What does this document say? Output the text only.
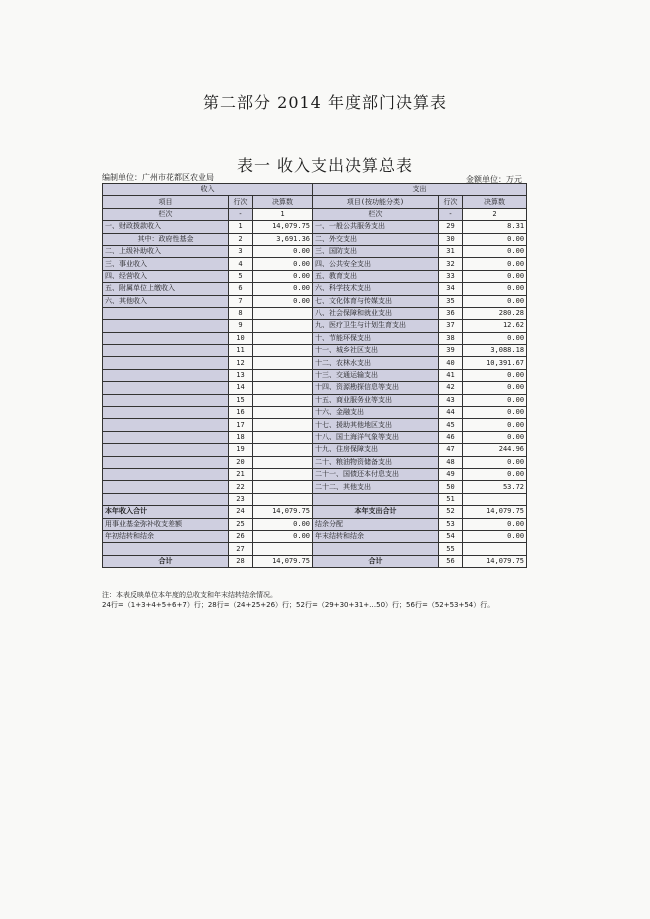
第二部分 2014 年度部门决算表
表一 收入支出决算总表
编制单位：广州市花都区农业局	金额单位：万元
收入			支出		
项目	行次	决算数	项目(按功能分类)	行次	决算数
栏次	-	1	栏次	-	2
一、财政拨款收入	1	14,079.75	一、一般公共服务支出	29	8.31
其中：政府性基金	2	3,691.36	二、外交支出	30	0.00
二、上级补助收入	3	0.00	三、国防支出	31	0.00
三、事业收入	4	0.00	四、公共安全支出	32	0.00
四、经营收入	5	0.00	五、教育支出	33	0.00
五、附属单位上缴收入	6	0.00	六、科学技术支出	34	0.00
六、其他收入	7	0.00	七、文化体育与传媒支出	35	0.00
	8		八、社会保障和就业支出	36	280.28
	9		九、医疗卫生与计划生育支出	37	12.62
	10		十、节能环保支出	38	0.00
	11		十一、城乡社区支出	39	3,088.18
	12		十二、农林水支出	40	10,391.67
	13		十三、交通运输支出	41	0.00
	14		十四、资源勘探信息等支出	42	0.00
	15		十五、商业服务业等支出	43	0.00
	16		十六、金融支出	44	0.00
	17		十七、援助其他地区支出	45	0.00
	18		十八、国土海洋气象等支出	46	0.00
	19		十九、住房保障支出	47	244.96
	20		二十、粮油物资储备支出	48	0.00
	21		二十一、国债还本付息支出	49	0.00
	22		二十二、其他支出	50	53.72
	23			51	
本年收入合计	24	14,079.75	本年支出合计	52	14,079.75
用事业基金弥补收支差额	25	0.00	结余分配	53	0.00
年初结转和结余	26	0.00	年末结转和结余	54	0.00
	27			55	
合计	28	14,079.75	合计	56	14,079.75
注：本表反映单位本年度的总收支和年末结转结余情况。
24行=（1+3+4+5+6+7）行；28行=（24+25+26）行；52行=（29+30+31+…50）行；56行=（52+53+54）行。
